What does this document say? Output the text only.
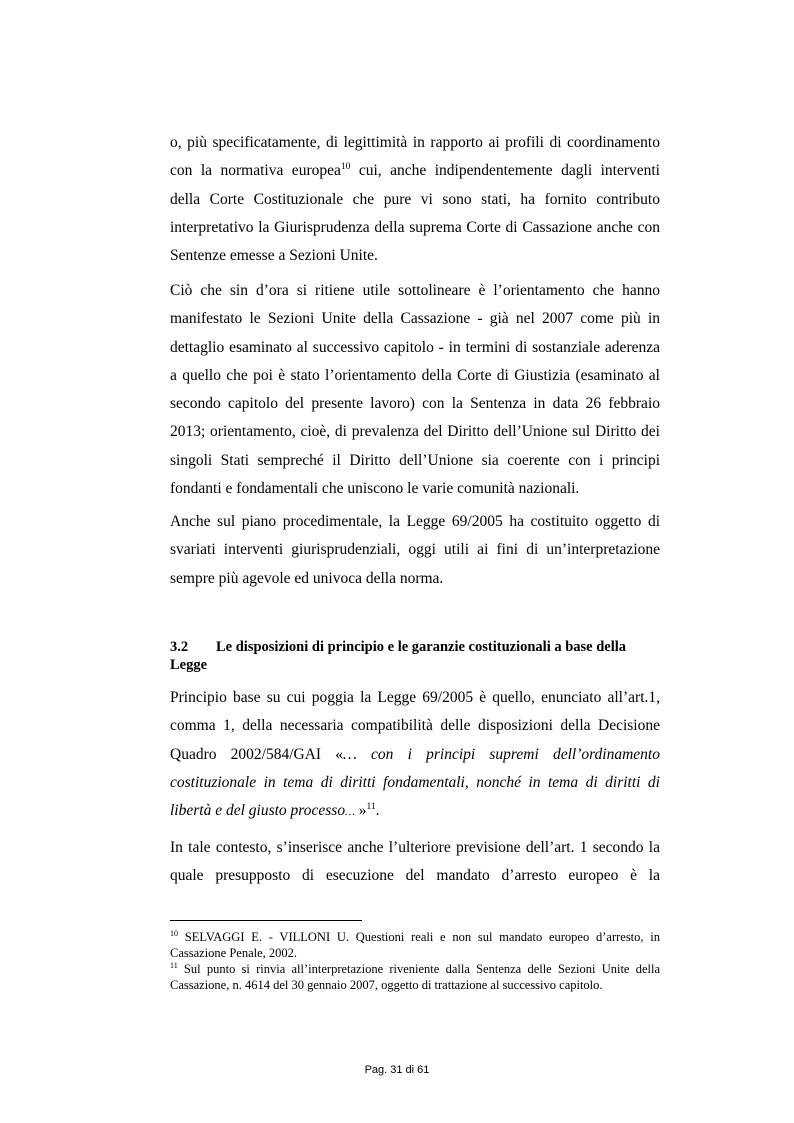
o, più specificatamente, di legittimità in rapporto ai profili di coordinamento
con la normativa europea$^{10}$ cui, anche indipendentemente dagli interventi
della Corte Costituzionale che pure vi sono stati, ha fornito contributo
interpretativo la Giurisprudenza della suprema Corte di Cassazione anche con
Sentenze emesse a Sezioni Unite.

Ciò che sin d’ora si ritiene utile sottolineare è l’orientamento che hanno
manifestato le Sezioni Unite della Cassazione - già nel 2007 come più in
dettaglio esaminato al successivo capitolo - in termini di sostanziale aderenza
a quello che poi è stato l’orientamento della Corte di Giustizia (esaminato al
secondo capitolo del presente lavoro) con la Sentenza in data 26 febbraio
2013; orientamento, cioè, di prevalenza del Diritto dell’Unione sul Diritto dei
singoli Stati sempreché il Diritto dell’Unione sia coerente con i principi
fondanti e fondamentali che uniscono le varie comunità nazionali.

Anche sul piano procedimentale, la Legge 69/2005 ha costituito oggetto di
svariati interventi giurisprudenziali, oggi utili ai fini di un’interpretazione
sempre più agevole ed univoca della norma.

3.2 Le disposizioni di principio e le garanzie costituzionali a base della
Legge

Principio base su cui poggia la Legge 69/2005 è quello, enunciato all’art.1,
comma 1, della necessaria compatibilità delle disposizioni della Decisione
Quadro 2002/584/GAI «… con i principi supremi dell’ordinamento
costituzionale in tema di diritti fondamentali, nonché in tema di diritti di
libertà e del giusto processo… »$^{11}$.

In tale contesto, s’inserisce anche l’ulteriore previsione dell’art. 1 secondo la
quale presupposto di esecuzione del mandato d’arresto europeo è la

$^{10}$ SELVAGGI E. - VILLONI U. Questioni reali e non sul mandato europeo d’arresto, in
Cassazione Penale, 2002.

$^{11}$ Sul punto si rinvia all’interpretazione riveniente dalla Sentenza delle Sezioni Unite della
Cassazione, n. 4614 del 30 gennaio 2007, oggetto di trattazione al successivo capitolo.

Pag. 31 di 61
